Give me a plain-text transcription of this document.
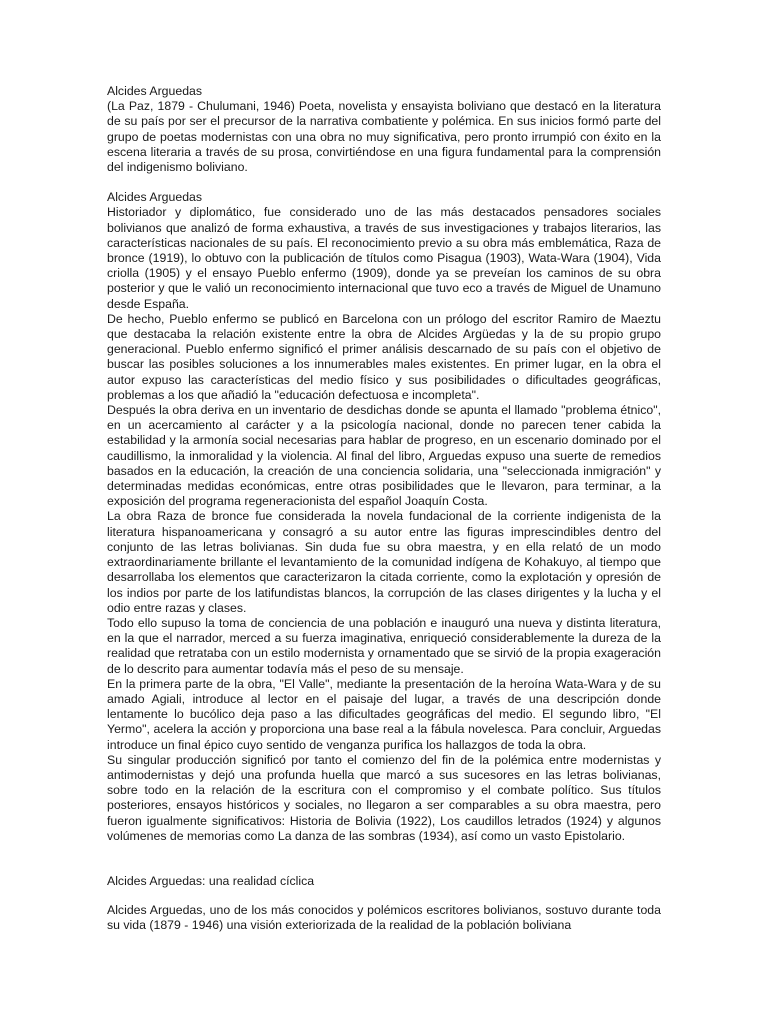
Alcides Arguedas

(La Paz, 1879 - Chulumani, 1946) Poeta, novelista y ensayista boliviano que destacó en la literatura de su país por ser el precursor de la narrativa combatiente y polémica. En sus inicios formó parte del grupo de poetas modernistas con una obra no muy significativa, pero pronto irrumpió con éxito en la escena literaria a través de su prosa, convirtiéndose en una figura fundamental para la comprensión del indigenismo boliviano.

Alcides Arguedas

Historiador y diplomático, fue considerado uno de las más destacados pensadores sociales bolivianos que analizó de forma exhaustiva, a través de sus investigaciones y trabajos literarios, las características nacionales de su país. El reconocimiento previo a su obra más emblemática, Raza de bronce (1919), lo obtuvo con la publicación de títulos como Pisagua (1903), Wata-Wara (1904), Vida criolla (1905) y el ensayo Pueblo enfermo (1909), donde ya se preveían los caminos de su obra posterior y que le valió un reconocimiento internacional que tuvo eco a través de Miguel de Unamuno desde España.

De hecho, Pueblo enfermo se publicó en Barcelona con un prólogo del escritor Ramiro de Maeztu que destacaba la relación existente entre la obra de Alcides Argüedas y la de su propio grupo generacional. Pueblo enfermo significó el primer análisis descarnado de su país con el objetivo de buscar las posibles soluciones a los innumerables males existentes. En primer lugar, en la obra el autor expuso las características del medio físico y sus posibilidades o dificultades geográficas, problemas a los que añadió la "educación defectuosa e incompleta".

Después la obra deriva en un inventario de desdichas donde se apunta el llamado "problema étnico", en un acercamiento al carácter y a la psicología nacional, donde no parecen tener cabida la estabilidad y la armonía social necesarias para hablar de progreso, en un escenario dominado por el caudillismo, la inmoralidad y la violencia. Al final del libro, Arguedas expuso una suerte de remedios basados en la educación, la creación de una conciencia solidaria, una "seleccionada inmigración" y determinadas medidas económicas, entre otras posibilidades que le llevaron, para terminar, a la exposición del programa regeneracionista del español Joaquín Costa.

La obra Raza de bronce fue considerada la novela fundacional de la corriente indigenista de la literatura hispanoamericana y consagró a su autor entre las figuras imprescindibles dentro del conjunto de las letras bolivianas. Sin duda fue su obra maestra, y en ella relató de un modo extraordinariamente brillante el levantamiento de la comunidad indígena de Kohakuyo, al tiempo que desarrollaba los elementos que caracterizaron la citada corriente, como la explotación y opresión de los indios por parte de los latifundistas blancos, la corrupción de las clases dirigentes y la lucha y el odio entre razas y clases.

Todo ello supuso la toma de conciencia de una población e inauguró una nueva y distinta literatura, en la que el narrador, merced a su fuerza imaginativa, enriqueció considerablemente la dureza de la realidad que retrataba con un estilo modernista y ornamentado que se sirvió de la propia exageración de lo descrito para aumentar todavía más el peso de su mensaje.

En la primera parte de la obra, "El Valle", mediante la presentación de la heroína Wata-Wara y de su amado Agiali, introduce al lector en el paisaje del lugar, a través de una descripción donde lentamente lo bucólico deja paso a las dificultades geográficas del medio. El segundo libro, "El Yermo", acelera la acción y proporciona una base real a la fábula novelesca. Para concluir, Arguedas introduce un final épico cuyo sentido de venganza purifica los hallazgos de toda la obra.

Su singular producción significó por tanto el comienzo del fin de la polémica entre modernistas y antimodernistas y dejó una profunda huella que marcó a sus sucesores en las letras bolivianas, sobre todo en la relación de la escritura con el compromiso y el combate político. Sus títulos posteriores, ensayos históricos y sociales, no llegaron a ser comparables a su obra maestra, pero fueron igualmente significativos: Historia de Bolivia (1922), Los caudillos letrados (1924) y algunos volúmenes de memorias como La danza de las sombras (1934), así como un vasto Epistolario.

Alcides Arguedas: una realidad cíclica

Alcides Arguedas, uno de los más conocidos y polémicos escritores bolivianos, sostuvo durante toda su vida (1879 - 1946) una visión exteriorizada de la realidad de la población boliviana
